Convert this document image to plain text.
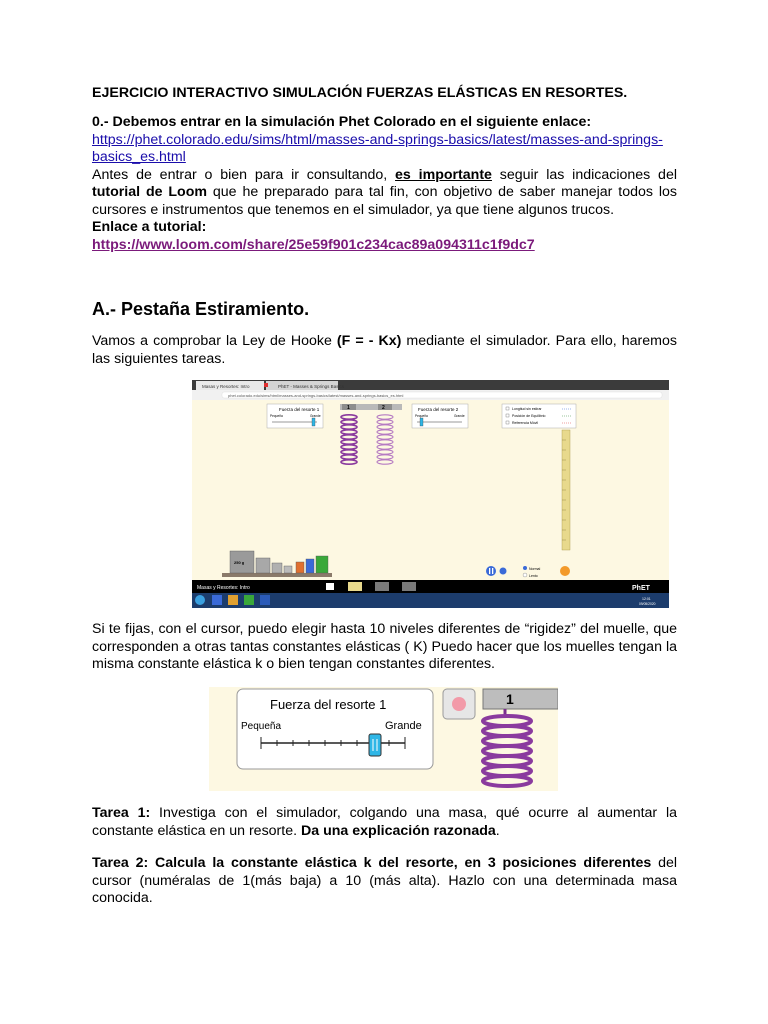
EJERCICIO INTERACTIVO SIMULACIÓN FUERZAS ELÁSTICAS EN RESORTES.

0.- Debemos entrar en la simulación Phet Colorado en el siguiente enlace:

https://phet.colorado.edu/sims/html/masses-and-springs-basics/latest/masses-and-springs-basics_es.html

Antes de entrar o bien para ir consultando, es importante seguir las indicaciones del tutorial de Loom que he preparado para tal fin, con objetivo de saber manejar todos los cursores e instrumentos que tenemos en el simulador, ya que tiene algunos trucos.

Enlace a tutorial:

https://www.loom.com/share/25e59f901c234cac89a094311c1f9dc7

A.- Pestaña Estiramiento.

Vamos a comprobar la Ley de Hooke (F = - Kx) mediante el simulador. Para ello, haremos las siguientes tareas.

Masas y Resortes: Intro	PhET - Masses & Springs Basics
phet.colorado.edu/sims/html/masses-and-springs-basics/latest/masses-and-springs-basics_es.html
1	2
Fuerza del resorte 1
Pequeña	Grande
Fuerza del resorte 2
Pequeña	Grande
Longitud sin estirar
Posición de Equilibrio
Referencia Móvil
250 g
Normal
Lento
Masas y Resortes: Intro	PhET
12:01
09/05/2020

Si te fijas, con el cursor, puedo elegir hasta 10 niveles diferentes de “rigidez” del muelle, que corresponden a otras tantas constantes elásticas ( K) Puedo hacer que los muelles tengan la misma constante elástica k o bien tengan constantes diferentes.

Fuerza del resorte 1
Pequeña	Grande
1

Tarea 1: Investiga con el simulador, colgando una masa, qué ocurre al aumentar la constante elástica en un resorte. Da una explicación razonada.

Tarea 2: Calcula la constante elástica k del resorte, en 3 posiciones diferentes del cursor (numéralas de 1(más baja) a 10 (más alta). Hazlo con una determinada masa conocida.
